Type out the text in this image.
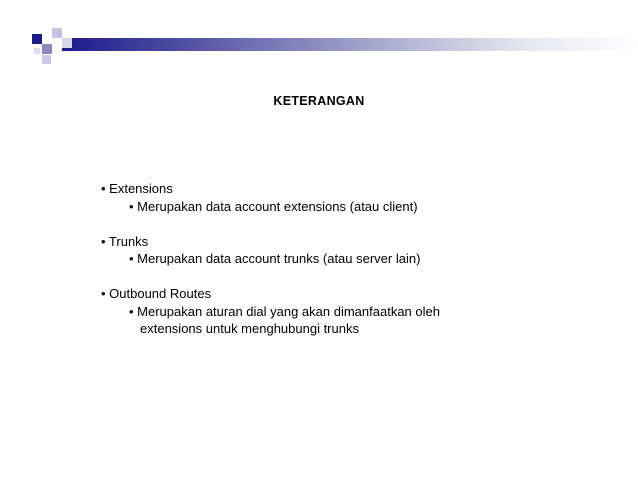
KETERANGAN

• Extensions

• Merupakan data account extensions (atau client)

• Trunks

• Merupakan data account trunks (atau server lain)

• Outbound Routes

• Merupakan aturan dial yang akan dimanfaatkan oleh

extensions untuk menghubungi trunks
